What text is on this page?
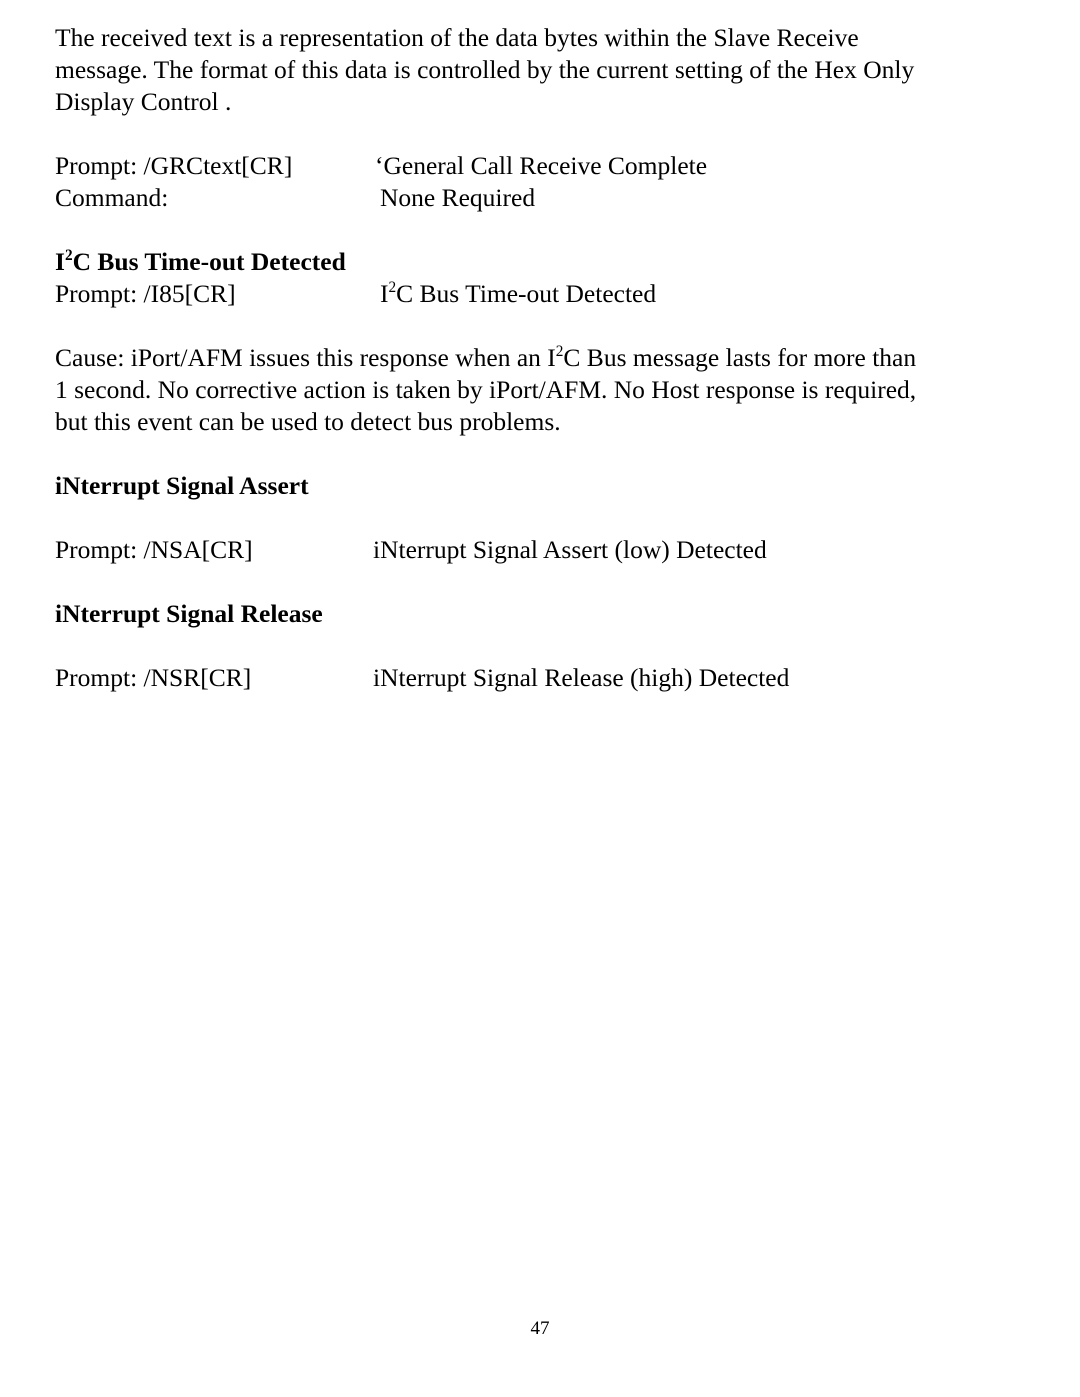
The received text is a representation of the data bytes within the Slave Receive
message. The format of this data is controlled by the current setting of the Hex Only
Display Control .

Prompt: /GRCtext[CR]	‘General Call Receive Complete
Command:	None Required
$I^2C$ Bus Time-out Detected
Prompt: /I85[CR]	$I^2C$ Bus Time-out Detected

Cause: iPort/AFM issues this response when an $I^2C$ Bus message lasts for more than
1 second. No corrective action is taken by iPort/AFM. No Host response is required,
but this event can be used to detect bus problems.

iNterrupt Signal Assert
Prompt: /NSA[CR]	iNterrupt Signal Assert (low) Detected
iNterrupt Signal Release
Prompt: /NSR[CR]	iNterrupt Signal Release (high) Detected
47
